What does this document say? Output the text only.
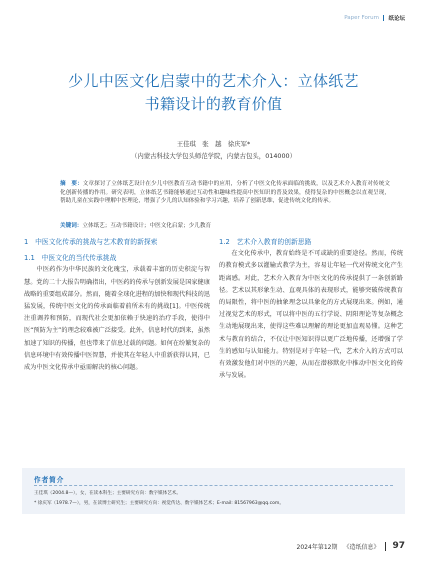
Paper Forum 纸论坛
少儿中医文化启蒙中的艺术介入：立体纸艺
书籍设计的教育价值
王佳琪　张　越　徐庆军*
（内蒙古科技大学包头师范学院，内蒙古包头，014000）
摘　要：文章探讨了立体纸艺设计在少儿中医教育互动书籍中的应用，分析了中医文化传承面临的挑战，以及艺术介入教育对传统文化创新传播的作用。研究表明，立体纸艺书籍能够通过互动性和趣味性提高中医知识的普及效果，使得复杂的中医概念以直观呈现，帮助儿童在实践中理解中医理论，增强了少儿的认知体验和学习兴趣，培养了创新思维，促进传统文化的传承。
关键词：立体纸艺；互动书籍设计；中医文化启蒙；少儿教育
1　中医文化传承的挑战与艺术教育的新探索
1.1　中医文化的当代传承挑战

中医药作为中华民族的文化瑰宝，承载着丰富的历史积淀与智慧。党的二十大报告明确指出，中医药的传承与创新发展是国家健康战略的重要组成部分。然而，随着全球化进程的加快和现代科技的迅猛发展，传统中医文化的传承面临着前所未有的挑战[1]。中医传统注重调养和预防，而现代社会更加依赖于快速的治疗手段，使得中医“预防为主”的理念较难被广泛接受。此外，信息时代的到来，虽然加速了知识的传播，但也带来了信息过载的问题。如何在纷繁复杂的信息环境中有效传播中医智慧，并使其在年轻人中重新获得认同，已成为中医文化传承中亟需解决的核心问题。

1.2　艺术介入教育的创新思路

在文化传承中，教育始终是不可或缺的重要途径。然而，传统的教育模式多以灌输式教学为主，容易让年轻一代对传统文化产生距离感。对此，艺术介入教育为中医文化的传承提供了一条创新路径。艺术以其形象生动、直观具体的表现形式，能够突破传统教育的局限性，将中医的抽象理念以具象化的方式展现出来。例如，通过视觉艺术的形式，可以将中医的五行学说、阴阳理论等复杂概念生动地展现出来，使得这些难以理解的理论更加直观易懂。这种艺术与教育的结合，不仅让中医知识得以更广泛地传播，还增强了学生的感知与认知能力。特别是对于年轻一代，艺术介入的方式可以有效激发他们对中医的兴趣，从而在潜移默化中推动中医文化的传承与发展。

作者简介
王佳琪（2004.8—），女，在读本科生；主要研究方向：数字媒体艺术。
* 徐庆军（1978.7—），男，在读博士研究生；主要研究方向：视觉传达、数字媒体艺术；E-mail: 81567963@qq.com。
2024年第12期 《造纸信息》 97
